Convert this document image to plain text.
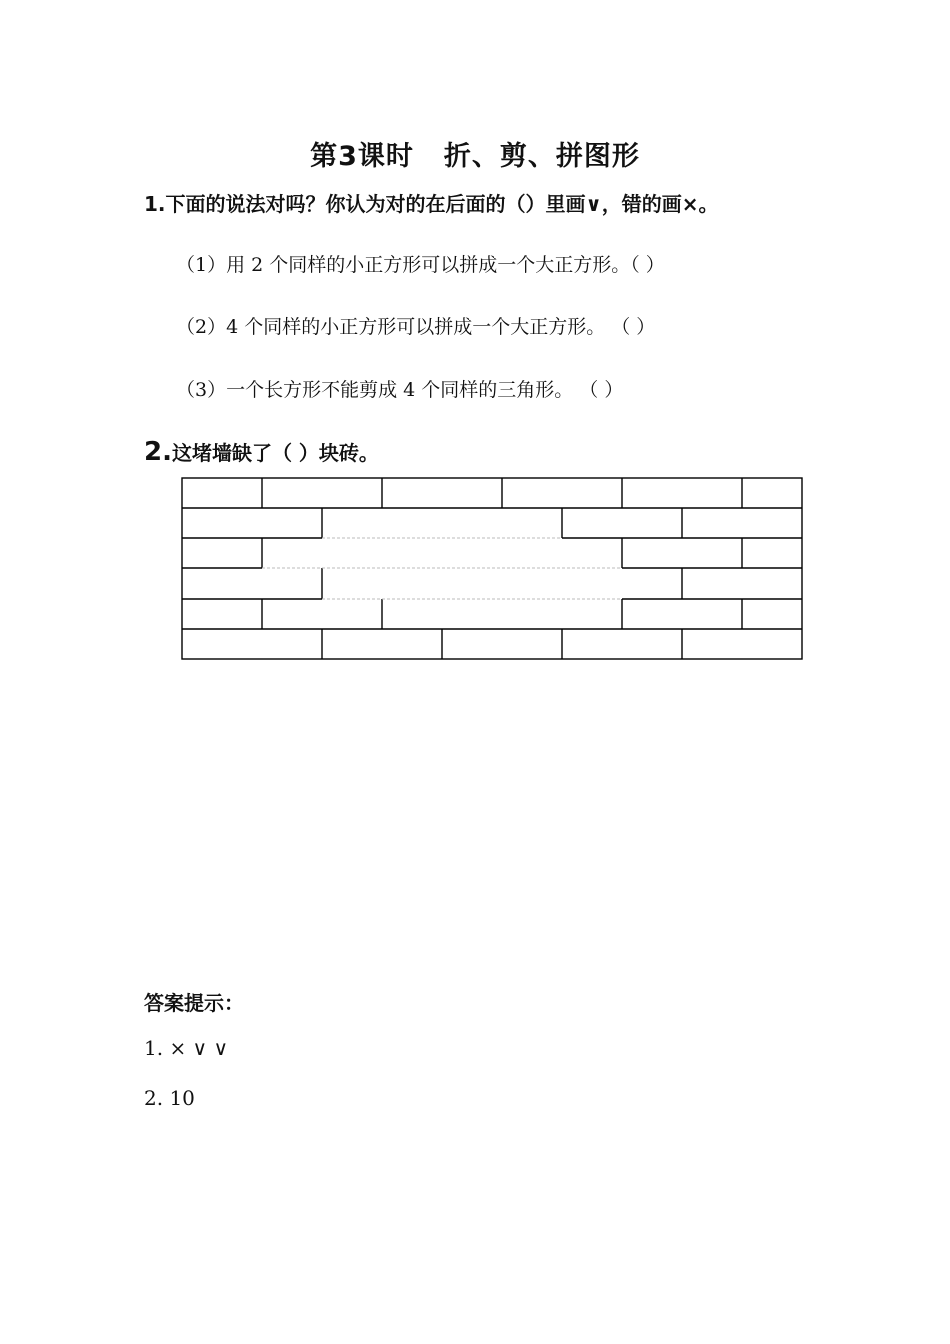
第3课时 折、剪、拼图形
1.下面的说法对吗？你认为对的在后面的（）里画∨，错的画×。
（1）用 2 个同样的小正方形可以拼成一个大正方形。（ ）
（2）4 个同样的小正方形可以拼成一个大正方形。 （ ）
（3）一个长方形不能剪成 4 个同样的三角形。 （ ）
2.这堵墙缺了（ ）块砖。
答案提示：
1. × ∨ ∨
2. 10
